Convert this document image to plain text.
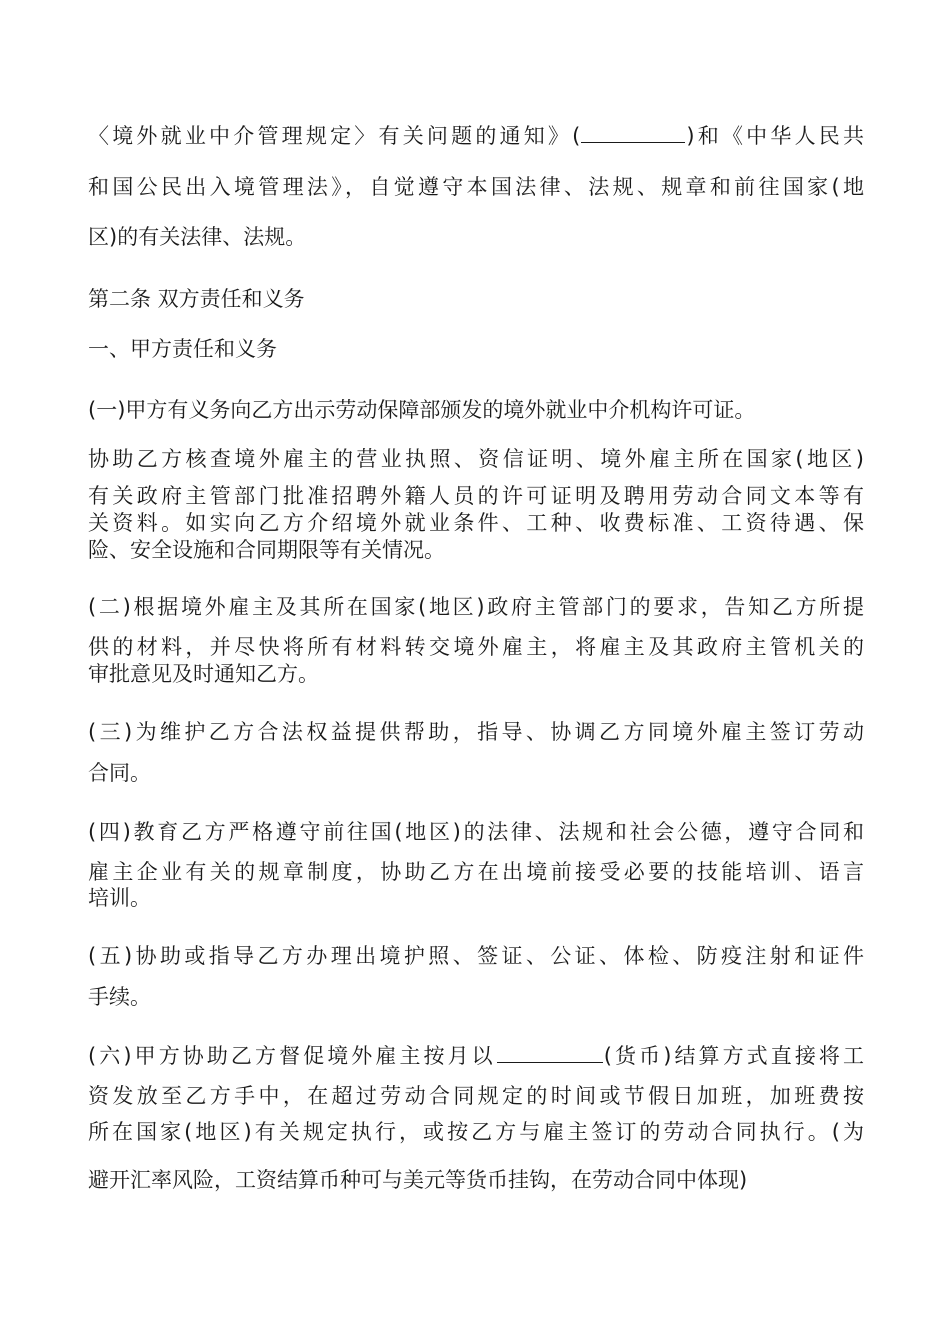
〈境外就业中介管理规定〉有关问题的通知》(	)和《中华人民共
和国公民出入境管理法》，自觉遵守本国法律、法规、规章和前往国家(地
区)的有关法律、法规。
第二条 双方责任和义务
一、甲方责任和义务
(一)甲方有义务向乙方出示劳动保障部颁发的境外就业中介机构许可证。
协助乙方核查境外雇主的营业执照、资信证明、境外雇主所在国家(地区)
有关政府主管部门批准招聘外籍人员的许可证明及聘用劳动合同文本等有
关资料。如实向乙方介绍境外就业条件、工种、收费标准、工资待遇、保
险、安全设施和合同期限等有关情况。
(二)根据境外雇主及其所在国家(地区)政府主管部门的要求，告知乙方所提
供的材料，并尽快将所有材料转交境外雇主，将雇主及其政府主管机关的
审批意见及时通知乙方。
(三)为维护乙方合法权益提供帮助，指导、协调乙方同境外雇主签订劳动
合同。
(四)教育乙方严格遵守前往国(地区)的法律、法规和社会公德，遵守合同和
雇主企业有关的规章制度，协助乙方在出境前接受必要的技能培训、语言
培训。
(五)协助或指导乙方办理出境护照、签证、公证、体检、防疫注射和证件
手续。
(六)甲方协助乙方督促境外雇主按月以	(货币)结算方式直接将工
资发放至乙方手中，在超过劳动合同规定的时间或节假日加班，加班费按
所在国家(地区)有关规定执行，或按乙方与雇主签订的劳动合同执行。(为
避开汇率风险，工资结算币种可与美元等货币挂钩，在劳动合同中体现)
